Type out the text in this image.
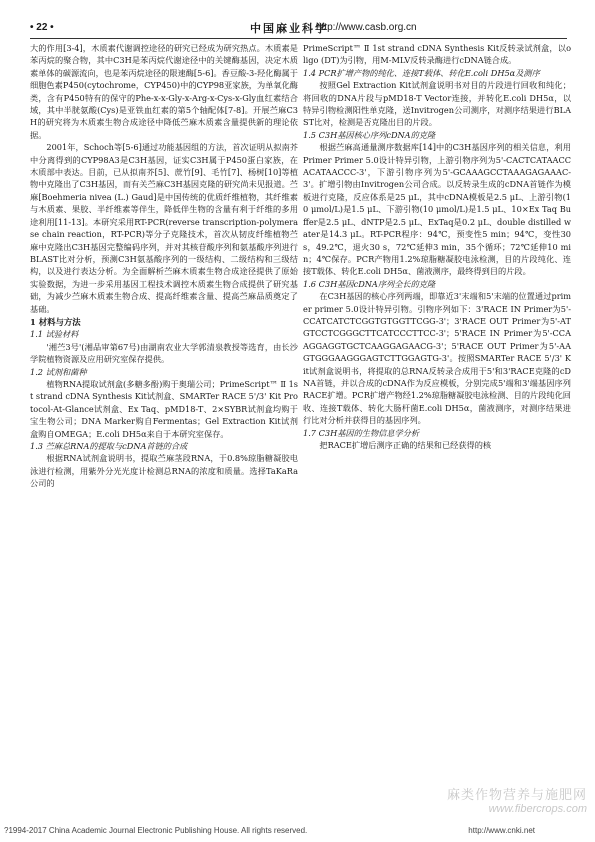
• 22 •	中国麻业科学
http://www.casb.org.cn

大的作用[3-4]，木质素代谢调控途径的研究已经成为研究热点。木质素是苯丙烷的聚合物，其中C3H是苯丙烷代谢途径中的关键酶基因，决定木质素单体的碳源流向，也是苯丙烷途径的限速酶[5-6]。香豆酸-3-羟化酶属于细胞色素P450(cytochrome，CYP450)中的CYP98亚家族，为单氧化酶类，含有P450特有的保守的Phe-x-x-Gly-x-Arg-x-Cys-x-Gly血红素结合域，其中半胱氨酸(Cys)是亚铁血红素的第5个轴配体[7-8]。开展苎麻C3H的研究将为木质素生物合成途径中降低苎麻木质素含量提供新的理论依据。

2001年，Schoch等[5-6]通过功能基因组的方法，首次证明从拟南芥中分离得到的CYP98A3是C3H基因，证实C3H属于P450蛋白家族，在木质部中表达。目前，已从拟南芥[5]、蔗竹[9]、毛竹[7]、杨树[10]等植物中克隆出了C3H基因，而有关苎麻C3H基因克隆的研究尚未见报道。苎麻[Boehmeria nivea (L.) Gaud]是中国传统的优质纤维植物，其纤维素与木质素、果胶、半纤维素等伴生，降低伴生物的含量有利于纤维的多用途利用[11-13]。本研究采用RT-PCR(reverse transcription-polymerase chain reaction，RT-PCR)等分子克隆技术，首次从韧皮纤维植物苎麻中克隆出C3H基因完整编码序列，并对其核苷酸序列和氨基酸序列进行BLAST比对分析，预测C3H氨基酸序列的一级结构、二级结构和三级结构，以及进行表达分析。为全面解析苎麻木质素生物合成途径提供了原始实验数据，为进一步采用基因工程技术调控木质素生物合成提供了研究基础，为减少苎麻木质素生物合成、提高纤维素含量、提高苎麻品质奠定了基础。

1 材料与方法

1.1 试验材料

'湘苎3号'(湘品审第67号)由湖南农业大学郭清泉教授等选育，由长沙学院植物资源及应用研究室保存提供。

1.2 试剂和菌种

植物RNA提取试剂盒(多糖多酚)购于奥瑞公司；PrimeScript™ Ⅱ 1st strand cDNA Synthesis Kit试剂盒、SMARTer RACE 5'/3' Kit Protocol-At-Glance试剂盒、Ex Taq、pMD18-T、2×SYBR试剂盒均购于宝生物公司；DNA Marker购自Fermentas；Gel Extraction Kit试剂盒购自OMEGA；E.coli DH5α来自于本研究室保存。

1.3 苎麻总RNA的提取与cDNA首链的合成

根据RNA试剂盒说明书，提取苎麻茎段RNA，于0.8%琼脂糖凝胶电泳进行检测，用紫外分光光度计检测总RNA的浓度和质量。选择TaKaRa公司的

PrimeScript™ Ⅱ 1st strand cDNA Synthesis Kit反转录试剂盒，以oligo (DT)为引物，用M-MLV反转录酶进行cDNA链合成。

1.4 PCR扩增产物的纯化、连接T载体、转化E.coli DH5α及测序

按照Gel Extraction Kit试剂盒说明书对目的片段进行回收和纯化；将回收的DNA片段与pMD18-T Vector连接，并转化E.coli DH5α，以特异引物检测阳性单克隆，送Invitrogen公司测序，对测序结果进行BLAST比对，检测是否克隆出目的片段。

1.5 C3H基因核心序列cDNA的克隆

根据苎麻高通量测序数据库[14]中的C3H基因序列的相关信息，利用Primer Primer 5.0设计特异引物，上游引物序列为5'-CACTCATAACCACATAACCC-3'，下游引物序列为5'-GCAAAGCCTAAAGAGAAAC-3'。扩增引物由Invitrogen公司合成。以反转录生成的cDNA首链作为模板进行克隆，反应体系是25 μL，其中cDNA模板是2.5 μL、上游引物(10 μmol/L)是1.5 μL、下游引物(10 μmol/L)是1.5 μL、10×Ex Taq Buffer是2.5 μL、dNTP是2.5 μL、ExTaq是0.2 μL、double distilled water是14.3 μL。RT-PCR程序：94℃，预变性5 min；94℃，变性30 s，49.2℃，退火30 s，72℃延伸3 min，35个循环；72℃延伸10 min；4℃保存。PCR产物用1.2%琼脂糖凝胶电泳检测，目的片段纯化、连接T载体、转化E.coli DH5α、菌液测序，最终得到目的片段。

1.6 C3H基因cDNA序列全长的克隆

在C3H基因的核心序列两端，即靠近3'末端和5'末端的位置通过primer primer 5.0设计特异引物。引物序列如下：3'RACE IN Primer为5'-CCATCATCTCGGTGTGGTTCGG-3'；3'RACE OUT Primer为5'-ATGTCCTCGGGCTTCATCCCTTCC-3'；5'RACE IN Primer为5'-CCAAGGAGGTGCTCAAGGAGAACG-3'；5'RACE OUT Primer为5'-AAGTGGGAAGGGAGTCTTGGAGTG-3'。按照SMARTer RACE 5'/3' Kit试剂盒说明书，将提取的总RNA反转录合成用于5'和3'RACE克隆的cDNA首链，并以合成的cDNA作为反应模板，分别完成5'端和3'端基因序列RACE扩增。PCR扩增产物经1.2%琼脂糖凝胶电泳检测、目的片段纯化回收、连接T载体、转化大肠杆菌E.coli DH5α，菌液测序，对测序结果进行比对分析并获得目的基因序列。

1.7 C3H基因的生物信息学分析

把RACE扩增后测序正确的结果和已经获得的核

麻类作物营养与施肥网
www.fibercrops.com
?1994-2017 China Academic Journal Electronic Publishing House. All rights reserved.	http://www.cnki.net
